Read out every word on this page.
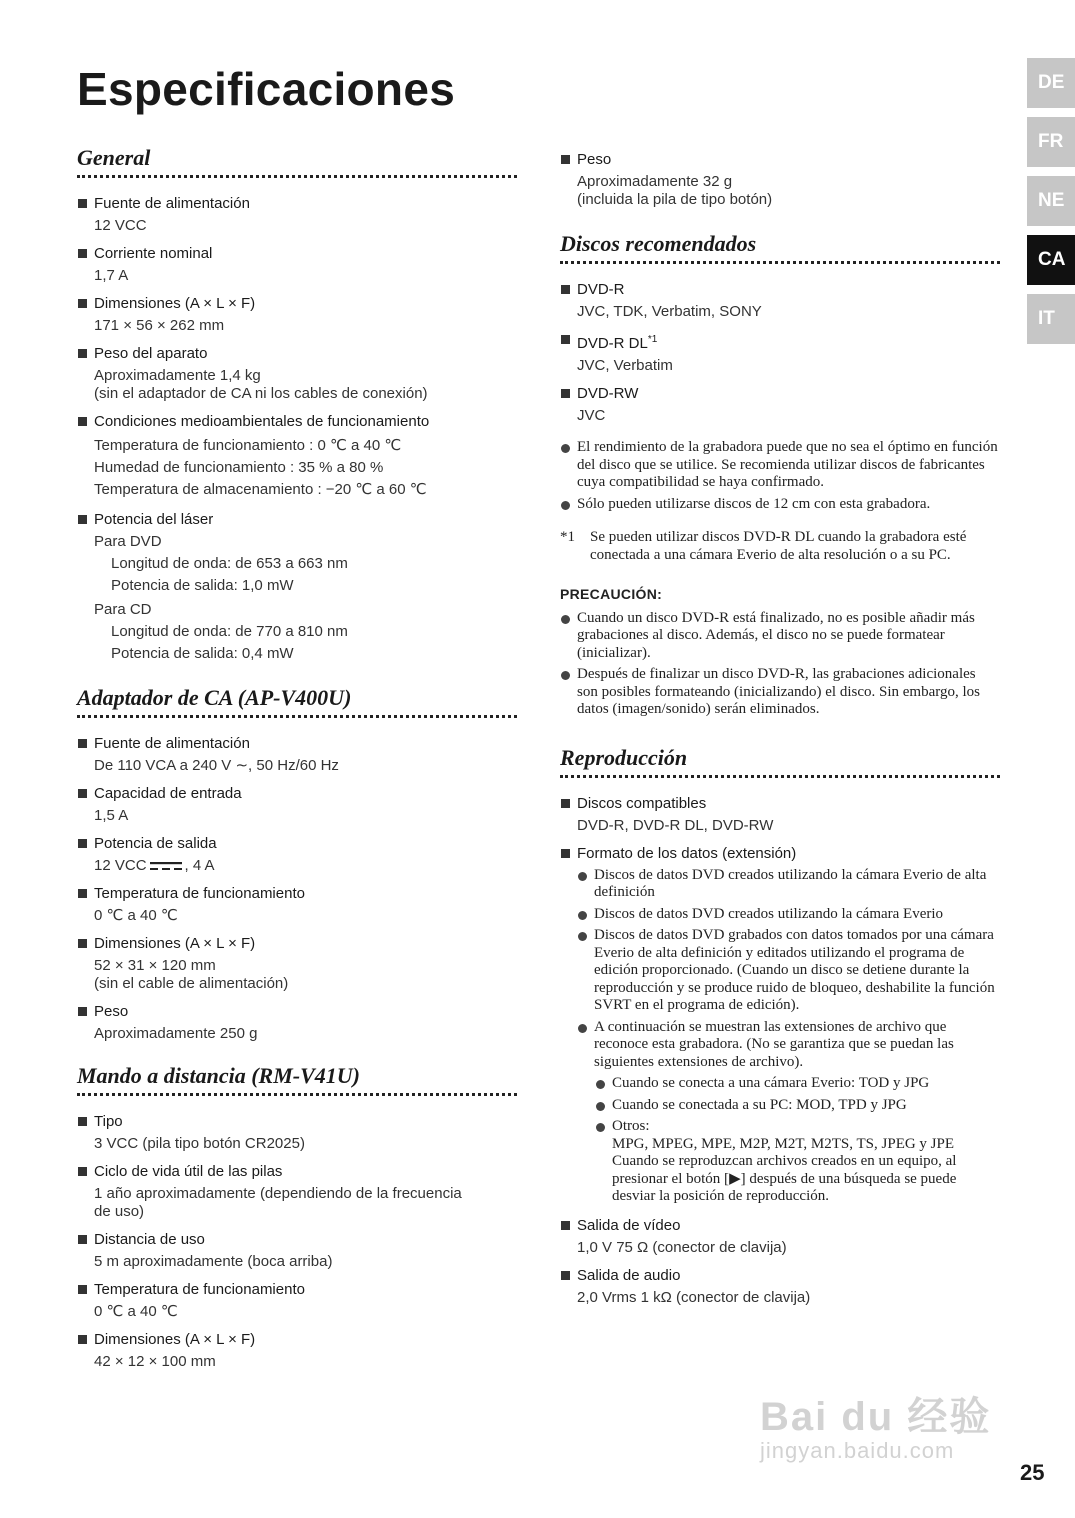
Especificaciones
General
Fuente de alimentación
12 VCC
Corriente nominal
1,7 A
Dimensiones (A × L × F)
171 × 56 × 262 mm
Peso del aparato
Aproximadamente 1,4 kg
(sin el adaptador de CA ni los cables de conexión)
Condiciones medioambientales de funcionamiento
Temperatura de funcionamiento : 0 ℃ a 40 ℃
Humedad de funcionamiento : 35 % a 80 %
Temperatura de almacenamiento : −20 ℃ a 60 ℃
Potencia del láser
Para DVD
Longitud de onda: de 653 a 663 nm
Potencia de salida: 1,0 mW
Para CD
Longitud de onda: de 770 a 810 nm
Potencia de salida: 0,4 mW
Adaptador de CA (AP-V400U)
Fuente de alimentación
De 110 VCA a 240 V ∼, 50 Hz/60 Hz
Capacidad de entrada
1,5 A
Potencia de salida
12 VCC	, 4 A
Temperatura de funcionamiento
0 ℃ a 40 ℃
Dimensiones (A × L × F)
52 × 31 × 120 mm
(sin el cable de alimentación)
Peso
Aproximadamente 250 g
Mando a distancia (RM-V41U)
Tipo
3 VCC (pila tipo botón CR2025)
Ciclo de vida útil de las pilas
1 año aproximadamente (dependiendo de la frecuencia
de uso)
Distancia de uso
5 m aproximadamente (boca arriba)
Temperatura de funcionamiento
0 ℃ a 40 ℃
Dimensiones (A × L × F)
42 × 12 × 100 mm
Peso
Aproximadamente 32 g
(incluida la pila de tipo botón)
Discos recomendados
DVD-R
JVC, TDK, Verbatim, SONY
DVD-R DL$^{*1}$
JVC, Verbatim
DVD-RW
JVC
El rendimiento de la grabadora puede que no sea el óptimo en función del disco que se utilice. Se recomienda utilizar discos de fabricantes cuya compatibilidad se haya confirmado.
Sólo pueden utilizarse discos de 12 cm con esta grabadora.
*1 Se pueden utilizar discos DVD-R DL cuando la grabadora esté conectada a una cámara Everio de alta resolución o a su PC.
PRECAUCIÓN:
Cuando un disco DVD-R está finalizado, no es posible añadir más grabaciones al disco. Además, el disco no se puede formatear (inicializar).
Después de finalizar un disco DVD-R, las grabaciones adicionales son posibles formateando (inicializando) el disco. Sin embargo, los datos (imagen/sonido) serán eliminados.
Reproducción
Discos compatibles
DVD-R, DVD-R DL, DVD-RW
Formato de los datos (extensión)
Discos de datos DVD creados utilizando la cámara Everio de alta definición
Discos de datos DVD creados utilizando la cámara Everio
Discos de datos DVD grabados con datos tomados por una cámara Everio de alta definición y editados utilizando el programa de edición proporcionado. (Cuando un disco se detiene durante la reproducción y se produce ruido de bloqueo, deshabilite la función SVRT en el programa de edición).
A continuación se muestran las extensiones de archivo que reconoce esta grabadora. (No se garantiza que se puedan las siguientes extensiones de archivo).
Cuando se conecta a una cámara Everio: TOD y JPG
Cuando se conectada a su PC: MOD, TPD y JPG
Otros:
MPG, MPEG, MPE, M2P, M2T, M2TS, TS, JPEG y JPE
Cuando se reproduzcan archivos creados en un equipo, al presionar el botón [▶] después de una búsqueda se puede desviar la posición de reproducción.
Salida de vídeo
1,0 V 75 Ω (conector de clavija)
Salida de audio
2,0 Vrms 1 kΩ (conector de clavija)
DE
FR
NE
CA
IT
Bai du 经验
jingyan.baidu.com
25
